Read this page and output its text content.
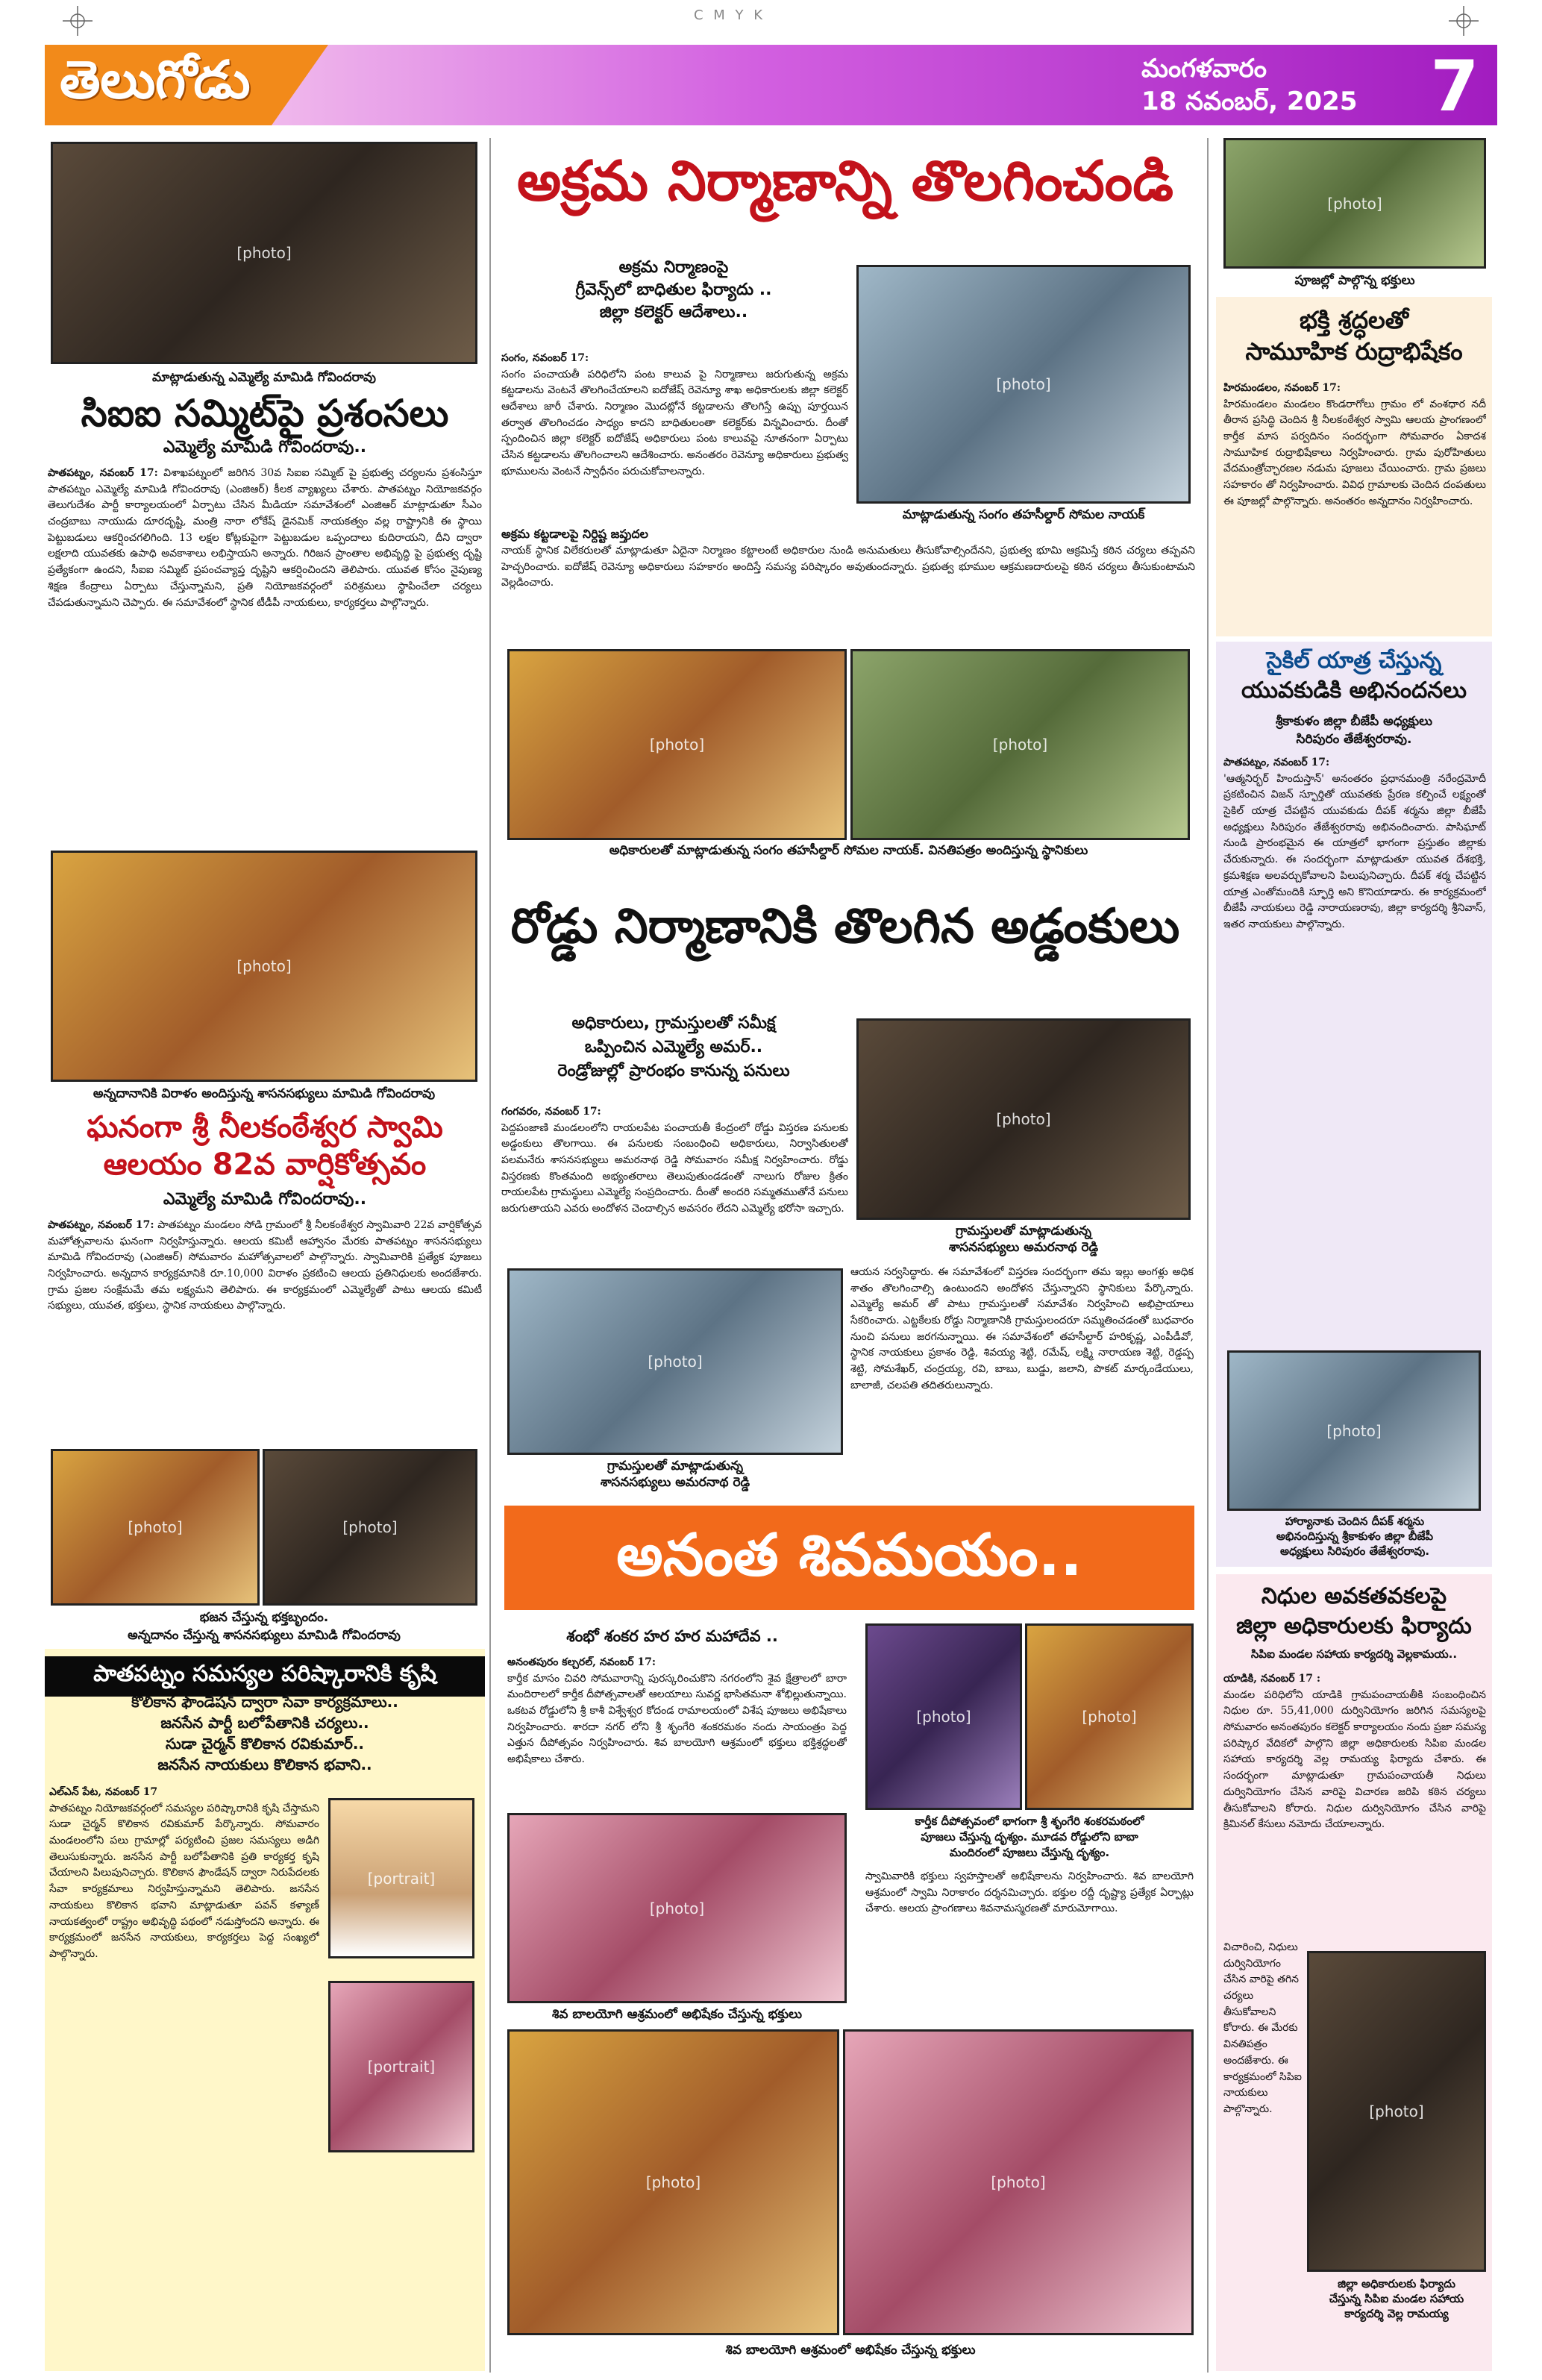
C M Y K
తెలుగోడు	మంగళవారం
18 నవంబర్, 2025	7
[photo]
మాట్లాడుతున్న ఎమ్మెల్యే మామిడి గోవిందరావు
సిఐఐ సమ్మిట్‌పై ప్రశంసలు
ఎమ్మెల్యే మామిడి గోవిందరావు..
పాతపట్నం, నవంబర్ 17: విశాఖపట్నంలో జరిగిన 30వ సిఐఐ సమ్మిట్ పై ప్రభుత్వ చర్యలను ప్రశంసిస్తూ పాతపట్నం ఎమ్మెల్యే మామిడి గోవిందరావు (ఎంజిఆర్) కీలక వ్యాఖ్యలు చేశారు. పాతపట్నం నియోజకవర్గం తెలుగుదేశం పార్టీ కార్యాలయంలో ఏర్పాటు చేసిన మీడియా సమావేశంలో ఎంజిఆర్ మాట్లాడుతూ సీఎం చంద్రబాబు నాయుడు దూరదృష్టి, మంత్రి నారా లోకేష్ డైనమిక్ నాయకత్వం వల్ల రాష్ట్రానికి ఈ స్థాయి పెట్టుబడులు ఆకర్షించగలిగింది. 13 లక్షల కోట్లకుపైగా పెట్టుబడుల ఒప్పందాలు కుదిరాయని, దీని ద్వారా లక్షలాది యువతకు ఉపాధి అవకాశాలు లభిస్తాయని అన్నారు. గిరిజన ప్రాంతాల అభివృద్ధి పై ప్రభుత్వ దృష్టి ప్రత్యేకంగా ఉందని, సీఐఐ సమ్మిట్ ప్రపంచవ్యాప్త దృష్టిని ఆకర్షించిందని తెలిపారు. యువత కోసం నైపుణ్య శిక్షణ కేంద్రాలు ఏర్పాటు చేస్తున్నామని, ప్రతి నియోజకవర్గంలో పరిశ్రమలు స్థాపించేలా చర్యలు చేపడుతున్నామని చెప్పారు. ఈ సమావేశంలో స్థానిక టీడీపీ నాయకులు, కార్యకర్తలు పాల్గొన్నారు.
[photo]
అన్నదానానికి విరాళం అందిస్తున్న శాసనసభ్యులు మామిడి గోవిందరావు
ఘనంగా శ్రీ నీలకంఠేశ్వర స్వామి
ఆలయం 82వ వార్షికోత్సవం
ఎమ్మెల్యే మామిడి గోవిందరావు..
పాతపట్నం, నవంబర్ 17: పాతపట్నం మండలం సోడి గ్రామంలో శ్రీ నీలకంఠేశ్వర స్వామివారి 22వ వార్షికోత్సవ మహోత్సవాలను ఘనంగా నిర్వహిస్తున్నారు. ఆలయ కమిటీ ఆహ్వానం మేరకు పాతపట్నం శాసనసభ్యులు మామిడి గోవిందరావు (ఎంజిఆర్) సోమవారం మహోత్సవాలలో పాల్గొన్నారు. స్వామివారికి ప్రత్యేక పూజలు నిర్వహించారు. అన్నదాన కార్యక్రమానికి రూ.10,000 విరాళం ప్రకటించి ఆలయ ప్రతినిధులకు అందజేశారు. గ్రామ ప్రజల సంక్షేమమే తమ లక్ష్యమని తెలిపారు. ఈ కార్యక్రమంలో ఎమ్మెల్యేతో పాటు ఆలయ కమిటీ సభ్యులు, యువత, భక్తులు, స్థానిక నాయకులు పాల్గొన్నారు.
[photo]	[photo]
భజన చేస్తున్న భక్తబృందం.
అన్నదానం చేస్తున్న శాసనసభ్యులు మామిడి గోవిందరావు
పాతపట్నం సమస్యల పరిష్కారానికి కృషి
కొలికాన ఫౌండేషన్ ద్వారా సేవా కార్యక్రమాలు..
జనసేన పార్టీ బలోపేతానికి చర్యలు..
సుడా చైర్మన్ కొలికాన రవికుమార్..
జనసేన నాయకులు కొలికాన భవాని..
ఎల్ఎన్ పేట, నవంబర్ 17
పాతపట్నం నియోజకవర్గంలో సమస్యల పరిష్కారానికి కృషి చేస్తామని సుడా చైర్మన్ కొలికాన రవికుమార్ పేర్కొన్నారు. సోమవారం మండలంలోని పలు గ్రామాల్లో పర్యటించి ప్రజల సమస్యలు అడిగి తెలుసుకున్నారు. జనసేన పార్టీ బలోపేతానికి ప్రతి కార్యకర్త కృషి చేయాలని పిలుపునిచ్చారు. కొలికాన ఫౌండేషన్ ద్వారా నిరుపేదలకు సేవా కార్యక్రమాలు నిర్వహిస్తున్నామని తెలిపారు. జనసేన నాయకులు కొలికాన భవాని మాట్లాడుతూ పవన్ కళ్యాణ్ నాయకత్వంలో రాష్ట్రం అభివృద్ధి పథంలో నడుస్తోందని అన్నారు. ఈ కార్యక్రమంలో జనసేన నాయకులు, కార్యకర్తలు పెద్ద సంఖ్యలో పాల్గొన్నారు.
[portrait]
[portrait]
అక్రమ నిర్మాణాన్ని తొలగించండి
అక్రమ నిర్మాణంపై
గ్రీవెన్స్‌లో బాధితుల ఫిర్యాదు ..
జిల్లా కలెక్టర్ ఆదేశాలు..
సంగం, నవంబర్ 17:
సంగం పంచాయతీ పరిధిలోని పంట కాలువ పై నిర్మాణాలు జరుగుతున్న అక్రమ కట్టడాలను వెంటనే తొలగించేయాలని ఐదోజేష్ రెవెన్యూ శాఖ అధికారులకు జిల్లా కలెక్టర్ ఆదేశాలు జారీ చేశారు. నిర్మాణం మొదట్లోనే కట్టడాలను తొలగిస్తే ఉప్పు పూర్తయిన తర్వాత తొలగించడం సాధ్యం కాదని బాధితులంతా కలెక్టర్‌కు విన్నవించారు. దీంతో స్పందించిన జిల్లా కలెక్టర్ ఐదోజేష్ అధికారులు పంట కాలువపై నూతనంగా ఏర్పాటు చేసిన కట్టడాలను తొలగించాలని ఆదేశించారు. అనంతరం రెవెన్యూ అధికారులు ప్రభుత్వ భూములను వెంటనే స్వాధీనం పరుచుకోవాలన్నారు.
అక్రమ కట్టడాలపై నిర్దిష్ట జప్తుదల
నాయక్ స్థానిక విలేకరులతో మాట్లాడుతూ ఏదైనా నిర్మాణం కట్టాలంటే అధికారుల నుండి అనుమతులు తీసుకోవాల్సిందేనని, ప్రభుత్వ భూమి ఆక్రమిస్తే కఠిన చర్యలు తప్పవని హెచ్చరించారు. ఐదోజేష్ రెవెన్యూ అధికారులు సహకారం అందిస్తే సమస్య పరిష్కారం అవుతుందన్నారు. ప్రభుత్వ భూముల ఆక్రమణదారులపై కఠిన చర్యలు తీసుకుంటామని వెల్లడించారు.
[photo]
మాట్లాడుతున్న సంగం తహసీల్దార్ సోమల నాయక్
[photo]	[photo]
అధికారులతో మాట్లాడుతున్న సంగం తహసీల్దార్ సోమల నాయక్. వినతిపత్రం అందిస్తున్న స్థానికులు
రోడ్డు నిర్మాణానికి తొలగిన అడ్డంకులు
అధికారులు, గ్రామస్తులతో సమీక్ష
ఒప్పించిన ఎమ్మెల్యే అమర్..
రెండ్రోజుల్లో ప్రారంభం కానున్న పనులు
గంగవరం, నవంబర్ 17:
పెద్దపంజాణి మండలంలోని రాయలపేట పంచాయతీ కేంద్రంలో రోడ్డు విస్తరణ పనులకు అడ్డంకులు తొలగాయి. ఈ పనులకు సంబంధించి అధికారులు, నిర్వాసితులతో పలమనేరు శాసనసభ్యులు అమరనాథ రెడ్డి సోమవారం సమీక్ష నిర్వహించారు. రోడ్డు విస్తరణకు కొంతమంది అభ్యంతరాలు తెలుపుతుండడంతో నాలుగు రోజుల క్రితం రాయలపేట గ్రామస్థులు ఎమ్మెల్యే సంప్రదించారు. దీంతో అందరి సమ్మతముతోనే పనులు జరుగుతాయని ఎవరు అందోళన చెందాల్సిన అవసరం లేదని ఎమ్మెల్యే భరోసా ఇచ్చారు.
[photo]
గ్రామస్తులతో మాట్లాడుతున్న
శాసనసభ్యులు అమరనాథ రెడ్డి
[photo]
గ్రామస్తులతో మాట్లాడుతున్న
శాసనసభ్యులు అమరనాథ రెడ్డి
ఆయన సర్వసిద్ధారు. ఈ సమావేశంలో విస్తరణ సందర్భంగా తమ ఇల్లు అంగళ్లు అధిక శాతం తొలగించాల్సి ఉంటుందని అందోళన చేస్తున్నారని స్థానికులు పేర్కొన్నారు. ఎమ్మెల్యే అమర్ తో పాటు గ్రామస్తులతో సమావేశం నిర్వహించి అభిప్రాయాలు సేకరించారు. ఎట్టకేలకు రోడ్డు నిర్మాణానికి గ్రామస్తులందరూ సమ్మతించడంతో బుధవారం నుంచి పనులు జరగనున్నాయి. ఈ సమావేశంలో తహసీల్దార్ హరికృష్ణ, ఎంపీడీవో, స్థానిక నాయకులు ప్రకాశం రెడ్డి, శివయ్య శెట్టి, రమేష్, లక్ష్మి నారాయణ శెట్టి, రెడ్డప్ప శెట్టి, సోమశేఖర్, చంద్రయ్య, రవి, బాబు, బుడ్డు, జలాని, పొకట్ మార్కండేయులు, బాలాజీ, చలపతి తదితరులున్నారు.
అనంత శివమయం..
శంభో శంకర హర హర మహాదేవ ..
అనంతపురం కల్చరల్, నవంబర్ 17:
కార్తీక మాసం చివరి సోమవారాన్ని పురస్కరించుకొని నగరంలోని శైవ క్షేత్రాలలో బారా మందిరాలలో కార్తీక దీపోత్సవాలతో ఆలయాలు సువర్ణ భాసితమనా శోభిల్లుతున్నాయి. ఒకటవ రోడ్డులోని శ్రీ కాశీ విశ్వేశ్వర కోదండ రామాలయంలో విశేష పూజలు అభిషేకాలు నిర్వహించారు. శారదా నగర్ లోని శ్రీ శృంగేరి శంకరమఠం నందు సాయంత్రం పెద్ద ఎత్తున దీపోత్సవం నిర్వహించారు. శివ బాలయోగి ఆశ్రమంలో భక్తులు భక్తిశ్రద్ధలతో అభిషేకాలు చేశారు.
[photo]	[photo]
కార్తీక దీపోత్సవంలో భాగంగా శ్రీ శృంగేరి శంకరమఠంలో
పూజలు చేస్తున్న దృశ్యం. మూడవ రోడ్డులోని బాబా
మందిరంలో పూజలు చేస్తున్న దృశ్యం.
[photo]
శివ బాలయోగి ఆశ్రమంలో అభిషేకం చేస్తున్న భక్తులు
స్వామివారికి భక్తులు స్వహస్తాలతో అభిషేకాలను నిర్వహించారు. శివ బాలయోగి ఆశ్రమంలో స్వామి నిరాకారం దర్శనమిచ్చారు. భక్తుల రద్దీ దృష్ట్యా ప్రత్యేక ఏర్పాట్లు చేశారు. ఆలయ ప్రాంగణాలు శివనామస్మరణతో మారుమోగాయి.
[photo]	[photo]
శివ బాలయోగి ఆశ్రమంలో అభిషేకం చేస్తున్న భక్తులు
[photo]
పూజల్లో పాల్గొన్న భక్తులు
భక్తి శ్రద్ధలతో
సామూహిక రుద్రాభిషేకం
హిరమండలం, నవంబర్ 17:
హిరమండలం మండలం కొండరాగోలు గ్రామం లో వంశధార నదీ తీరాన ప్రసిద్ధి చెందిన శ్రీ నీలకంఠేశ్వర స్వామి ఆలయ ప్రాంగణంలో కార్తీక మాస పర్వదినం సందర్భంగా సోమవారం ఏకాదశ సామూహిక రుద్రాభిషేకాలు నిర్వహించారు. గ్రామ పురోహితులు వేదమంత్రోచ్ఛారణల నడుమ పూజలు చేయించారు. గ్రామ ప్రజలు సహకారం తో నిర్వహించారు. వివిధ గ్రామాలకు చెందిన దంపతులు ఈ పూజల్లో పాల్గొన్నారు. అనంతరం అన్నదానం నిర్వహించారు.
సైకిల్ యాత్ర చేస్తున్న
యువకుడికి అభినందనలు
శ్రీకాకుళం జిల్లా బీజేపీ అధ్యక్షులు
సిరిపురం తేజేశ్వరరావు.
పాతపట్నం, నవంబర్ 17:
'ఆత్మనిర్భర్ హిందుస్తాన్' అనంతరం ప్రధానమంత్రి నరేంద్రమోదీ ప్రకటించిన విజన్ స్ఫూర్తితో యువతకు ప్రేరణ కల్పించే లక్ష్యంతో సైకిల్ యాత్ర చేపట్టిన యువకుడు దీపక్ శర్మను జిల్లా బీజేపీ అధ్యక్షులు సిరిపురం తేజేశ్వరరావు అభినందించారు. పాసిఘాట్ నుండి ప్రారంభమైన ఈ యాత్రలో భాగంగా ప్రస్తుతం జిల్లాకు చేరుకున్నారు. ఈ సందర్భంగా మాట్లాడుతూ యువత దేశభక్తి, క్రమశిక్షణ అలవర్చుకోవాలని పిలుపునిచ్చారు. దీపక్ శర్మ చేపట్టిన యాత్ర ఎంతోమందికి స్ఫూర్తి అని కొనియాడారు. ఈ కార్యక్రమంలో బీజేపీ నాయకులు రెడ్డి నారాయణరావు, జిల్లా కార్యదర్శి శ్రీనివాస్, ఇతర నాయకులు పాల్గొన్నారు.
[photo]
హార్యానాకు చెందిన దీపక్ శర్మను
అభినందిస్తున్న శ్రీకాకుళం జిల్లా బీజేపీ
అధ్యక్షులు సిరిపురం తేజేశ్వరరావు.
నిధుల అవకతవకలపై
జిల్లా అధికారులకు ఫిర్యాదు
సిపిఐ మండల సహాయ కార్యదర్శి వెల్లకామయ..
యాడికి, నవంబర్ 17 :
మండల పరిధిలోని యాడికి గ్రామపంచాయతీకి సంబంధించిన నిధుల రూ. 55,41,000 దుర్వినియోగం జరిగిన సమస్యలపై సోమవారం అనంతపురం కలెక్టర్ కార్యాలయం నందు ప్రజా సమస్య పరిష్కార వేదికలో పాల్గొని జిల్లా అధికారులకు సిపిఐ మండల సహాయ కార్యదర్శి వెల్ల రామయ్య ఫిర్యాదు చేశారు. ఈ సందర్భంగా మాట్లాడుతూ గ్రామపంచాయతీ నిధులు దుర్వినియోగం చేసిన వారిపై విచారణ జరిపి కఠిన చర్యలు తీసుకోవాలని కోరారు. నిధుల దుర్వినియోగం చేసిన వారిపై క్రిమినల్ కేసులు నమోదు చేయాలన్నారు.
విచారించి, నిధులు దుర్వినియోగం చేసిన వారిపై తగిన చర్యలు తీసుకోవాలని కోరారు. ఈ మేరకు వినతిపత్రం అందజేశారు. ఈ కార్యక్రమంలో సిపిఐ నాయకులు పాల్గొన్నారు.	[photo]
జిల్లా అధికారులకు ఫిర్యాదు
చేస్తున్న సిపిఐ మండల సహాయ
కార్యదర్శి వెల్ల రామయ్య
